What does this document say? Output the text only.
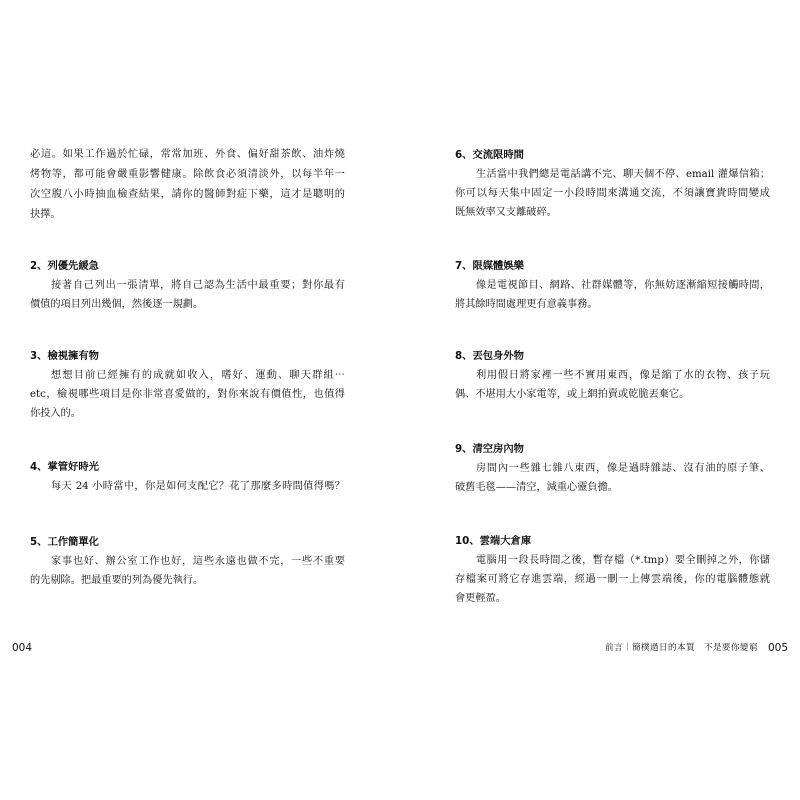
必這。如果工作過於忙碌，常常加班、外食、偏好甜茶飲、油炸燒
烤物等，都可能會嚴重影響健康。除飲食必須清淡外，以每半年一
次空腹八小時抽血檢查結果，請你的醫師對症下藥，這才是聰明的
抉擇。
2、列優先緩急
接著自己列出一張清單，將自己認為生活中最重要；對你最有
價值的項目列出幾個，然後逐一規劃。
3、檢視擁有物
想想目前已經擁有的成就如收入，嗜好、運動、聊天群組⋯
etc，檢視哪些項目是你非常喜愛做的，對你來說有價值性，也值得
你投入的。
4、掌管好時光
每天 24 小時當中，你是如何支配它？花了那麼多時間值得嗎？
5、工作簡單化
家事也好、辦公室工作也好，這些永遠也做不完，一些不重要
的先剔除。把最重要的列為優先執行。
004
6、交流限時間
生活當中我們總是電話講不完、聊天個不停、email 灌爆信箱；
你可以每天集中固定一小段時間來溝通交流，不須讓寶貴時間變成
既無效率又支離破碎。
7、限媒體娛樂
像是電視節目、網路、社群媒體等，你無妨逐漸縮短接觸時間，
將其餘時間處理更有意義事務。
8、丟包身外物
利用假日將家裡一些不實用東西，像是縮了水的衣物、孩子玩
偶、不堪用大小家電等，或上網拍賣或乾脆丟棄它。
9、清空房內物
房間內一些雜七雜八東西，像是過時雜誌、沒有油的原子筆、
破舊毛毯——清空，減重心靈負擔。
10、雲端大倉庫
電腦用一段長時間之後，暫存檔（*.tmp）要全刪掉之外，你儲
存檔案可將它存進雲端，經過一刪一上傳雲端後，你的電腦體態就
會更輕盈。
前言｜簡樸過日的本質　不是要你變窮 005
